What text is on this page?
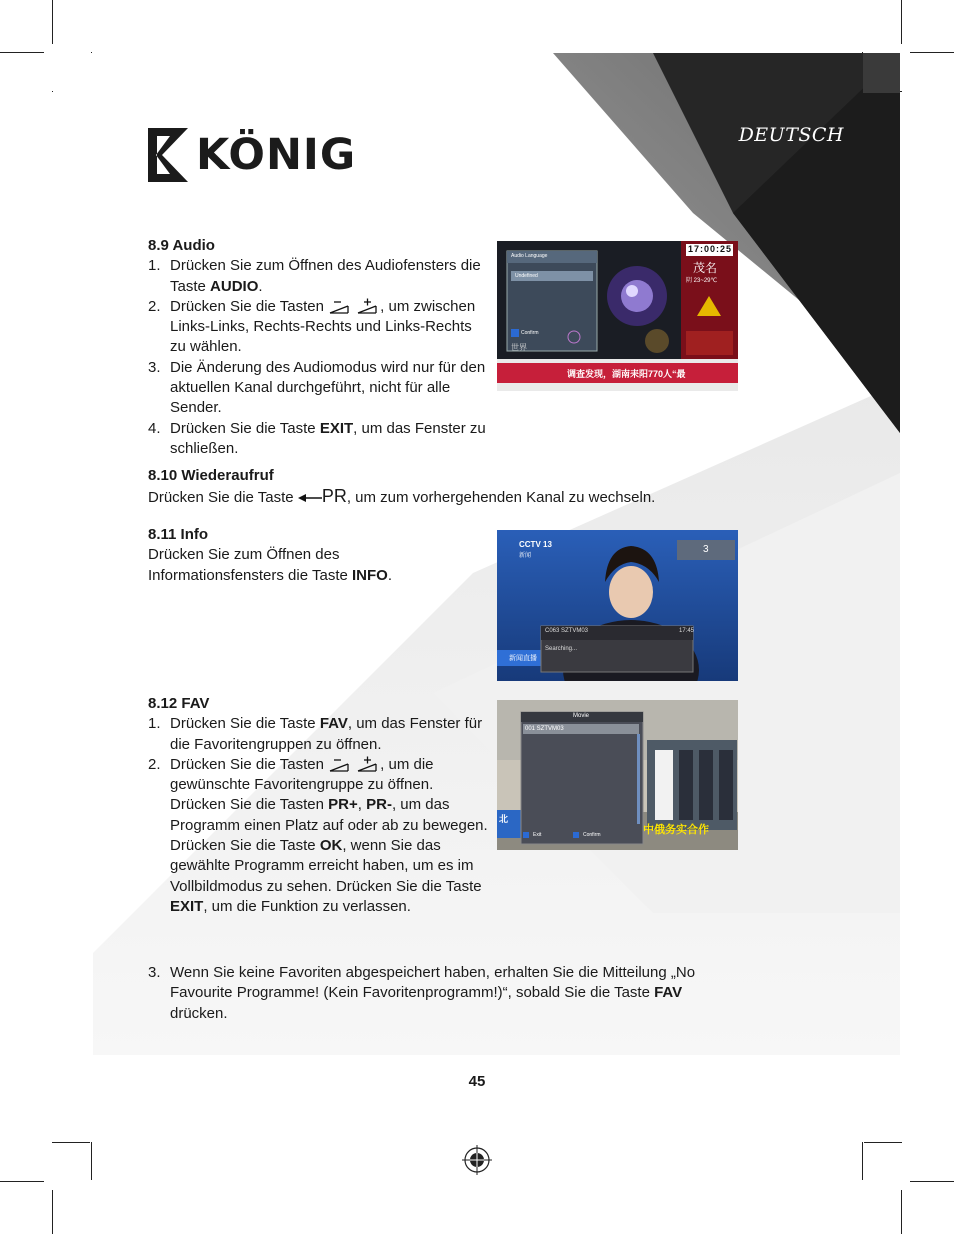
DEUTSCH
KÖNIG
8.9 Audio
1. Drücken Sie zum Öffnen des Audiofensters die Taste AUDIO.
2. Drücken Sie die Tasten	, um zwischen Links-Links, Rechts-Rechts und Links-Rechts zu wählen.
3. Die Änderung des Audiomodus wird nur für den aktuellen Kanal durchgeführt, nicht für alle Sender.
4. Drücken Sie die Taste EXIT, um das Fenster zu schließen.
Audio Language
Undefined
Confirm
17:00:25
茂名
阴 23~29℃
世界
调查发现，湖南耒阳770人“最
8.10 Wiederaufruf
Drücken Sie die Taste PR, um zum vorhergehenden Kanal zu wechseln.
8.11 Info
Drücken Sie zum Öffnen des
Informationsfensters die Taste INFO.
CCTV 13
新闻
3
C063 SZTVM03	17:45
Searching...
新闻直播
8.12 FAV
1. Drücken Sie die Taste FAV, um das Fenster für die Favoritengruppen zu öffnen.
2. Drücken Sie die Tasten	, um die gewünschte Favoritengruppe zu öffnen. Drücken Sie die Tasten PR+, PR-, um das Programm einen Platz auf oder ab zu bewegen. Drücken Sie die Taste OK, wenn Sie das gewählte Programm erreicht haben, um es im Vollbildmodus zu sehen. Drücken Sie die Taste EXIT, um die Funktion zu verlassen.
Movie
001 SZTVM03
Exit	Confirm	中俄务实合作
北
3. Wenn Sie keine Favoriten abgespeichert haben, erhalten Sie die Mitteilung „No Favourite Programme! (Kein Favoritenprogramm!)“, sobald Sie die Taste FAV drücken.
45
